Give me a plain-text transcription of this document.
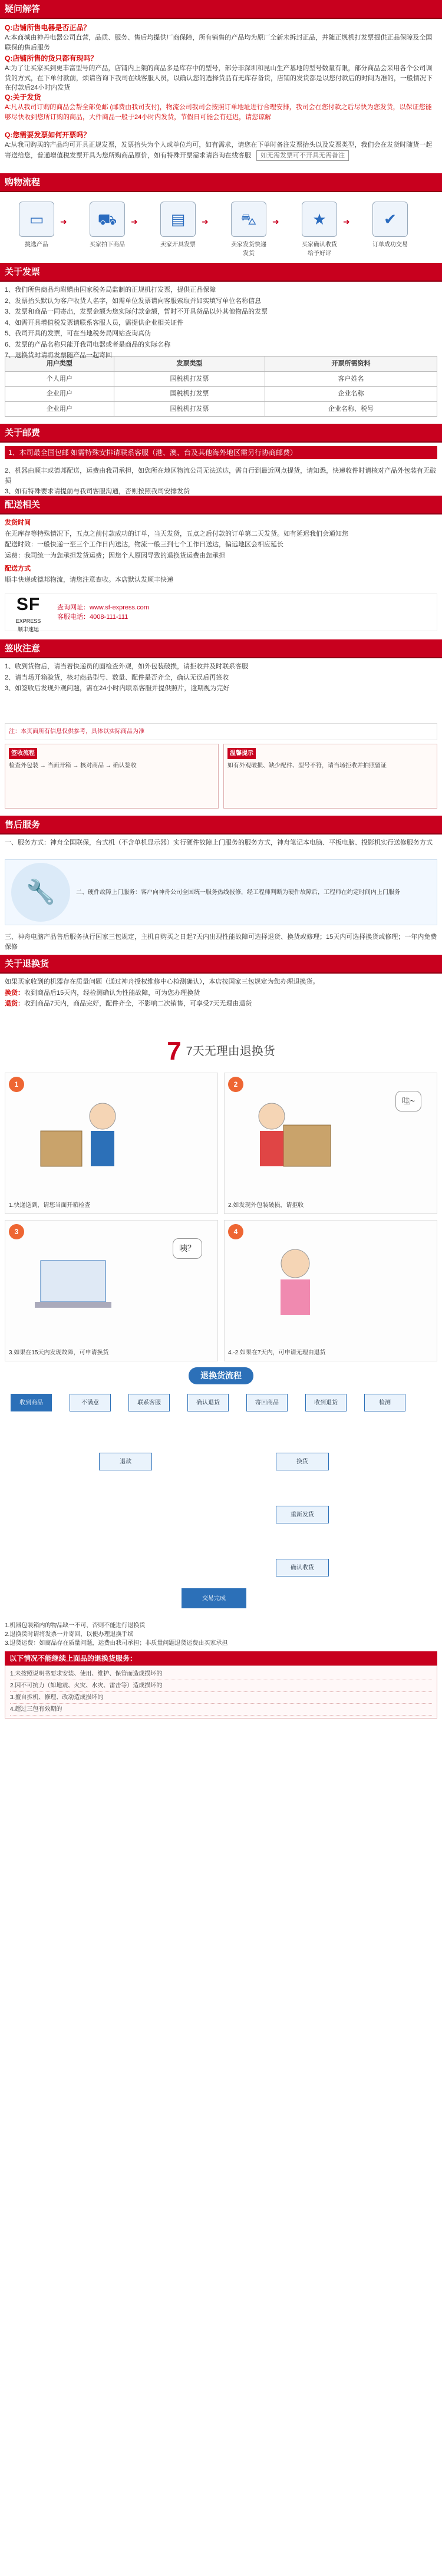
疑问解答
Q:店铺所售电器是否正品？
A:本商城由神丹电器公司直营，品质、服务、售后均提供厂商保障，所有销售的产品均为原厂全新未拆封正品，并随正规机打发票提供正品保障及全国联保的售后服务
Q:店铺所售的货只都有现吗？
A:为了让买家买到更丰富型号的产品，店铺内上架的商品多是库存中的型号，部分非深圳和昆山生产基地的型号数量有限，部分商品会采用各个公司调货的方式，在下单付款前，烦请咨询下我司在线客服人员，以确认您的选择货品有无库存备货，店铺的发货都是以您付款后的时间为准的，一般情况下在付款后24小时内发货
Q:关于发货
A:凡从我司订购的商品会帮全部免邮 (邮费由我司支付)，物流公司我司会按照订单地址进行合理安排，我司会在您付款之后尽快为您发货，以保证您能够尽快收到您所订购的商品，大件商品一般于24小时内发货，节假日可能会有延迟，请您谅解
Q:您需要发票如何开票吗？
A:从我司购买的产品均可开具正规发票，发票抬头为个人或单位均可，如有需求，请您在下单时备注发票抬头以及发票类型，我们会在发货时随货一起寄送给您，普通增值税发票开具为您所购商品原价，如有特殊开票需求请咨询在线客服 如无需发票可不开具无需备注
购物流程
▭
挑选产品
➜	⛟
买家拍下商品
➜	▤
卖家开具发票
➜	⛍
卖家发货快递发货
➜	★
买家确认收货给予好评
➜	✔
订单成功交易
关于发票

1、我们所售商品均附赠由国家税务局监制的正规机打发票，提供正品保障

2、发票抬头默认为客户收货人名字，如需单位发票请向客服索取并如实填写单位名称信息

3、发票和商品一同寄出，发票金额为您实际付款金额，暂时不开具货品以外其他物品的发票

4、如需开具增值税发票请联系客服人员，需提供企业相关证件

5、我司开具的发票，可在当地税务局网站查询真伪

6、发票的产品名称只能开我司电器或者是商品的实际名称

7、退换货时请将发票随产品一起寄回

用户类型	发票类型	开票所需资料
个人用户	国税机打发票	客户姓名
企业用户	国税机打发票	企业名称
企业用户	国税机打发票	企业名称、税号
关于邮费
1、本司最全国包邮 如需特殊安排请联系客服（港、澳、台及其他海外地区需另行协商邮费）

2、机器由顺丰或德邦配送，运费由我司承担，如您所在地区物流公司无法送达，需自行到最近网点提货，请知悉，快递收件时请核对产品外包装有无破损

3、如有特殊要求请提前与我司客服沟通，否则按照我司安排发货

配送相关

发货时间

在无库存等特殊情况下，五点之前付款成功的订单，当天发货，五点之后付款的订单第二天发货。如有延迟我们会通知您

配送时效：一般快递一至三个工作日内送达，物流一般三到七个工作日送达，偏远地区会相应延长

运费：我司统一为您承担发货运费；因您个人原因导致的退换货运费由您承担

配送方式

顺丰快递或德邦物流，请您注意查收。本店默认发顺丰快递

SF
EXPRESS
顺丰速运
查询网址：www.sf-express.com
客服电话：4008-111-111
签收注意

1、收到货物后，请当着快递员的面检查外观，如外包装破损，请拒收并及时联系客服

2、请当场开箱验货，核对商品型号、数量、配件是否齐全，确认无误后再签收

3、如签收后发现外观问题，需在24小时内联系客服并提供照片，逾期视为完好

注：本页面所有信息仅供参考，具体以实际商品为准
签收流程
检查外包装 → 当面开箱 → 核对商品 → 确认签收
温馨提示
如有外观破损、缺少配件、型号不符，请当场拒收并拍照留证
售后服务

一、服务方式：神舟全国联保，台式机（不含单机显示器）实行硬件故障上门服务的服务方式，神舟笔记本电脑、平板电脑、投影机实行送修服务方式

🔧	二、硬件故障上门服务：客户向神舟公司全国统一服务热线报修，经工程师判断为硬件故障后，工程师在约定时间内上门服务

三、神舟电脑产品售后服务执行国家三包规定，主机自购买之日起7天内出现性能故障可选择退货、换货或修理；15天内可选择换货或修理；一年内免费保修

关于退换货

如果买家收到的机器存在质量问题（通过神舟授权维修中心检测确认），本店按国家三包规定为您办理退换货。

换货：收到商品后15天内，经检测确认为性能故障，可为您办理换货

退货：收到商品7天内，商品完好，配件齐全，不影响二次销售，可享受7天无理由退货

7 7天无理由退换货
1
1.快递送到，请您当面开箱检查
2
哇~
2.如发现外包装破损，请拒收
3
咦？
3.如果在15天内发现故障，可申请换货
4
4.-2.如果在7天内，可申请无理由退货
退换货流程
收到商品	不满意	联系客服	确认退货	寄回商品	收到退货	检测
退款	换货
重新发货
确认收货
交易完成

1.机器包装箱内的物品缺一不可，否则不能进行退换货

2.退换货时请将发票一并寄回，以便办理退换手续

3.退货运费：如商品存在质量问题，运费由我司承担；非质量问题退货运费由买家承担

以下情况不能继续上面品的退换货服务：
1.未按照说明书要求安装、使用、维护、保管而造成损坏的
2.因不可抗力（如地震、火灾、水灾、雷击等）造成损坏的
3.擅自拆机、修理、改动造成损坏的
4.超过三包有效期的
